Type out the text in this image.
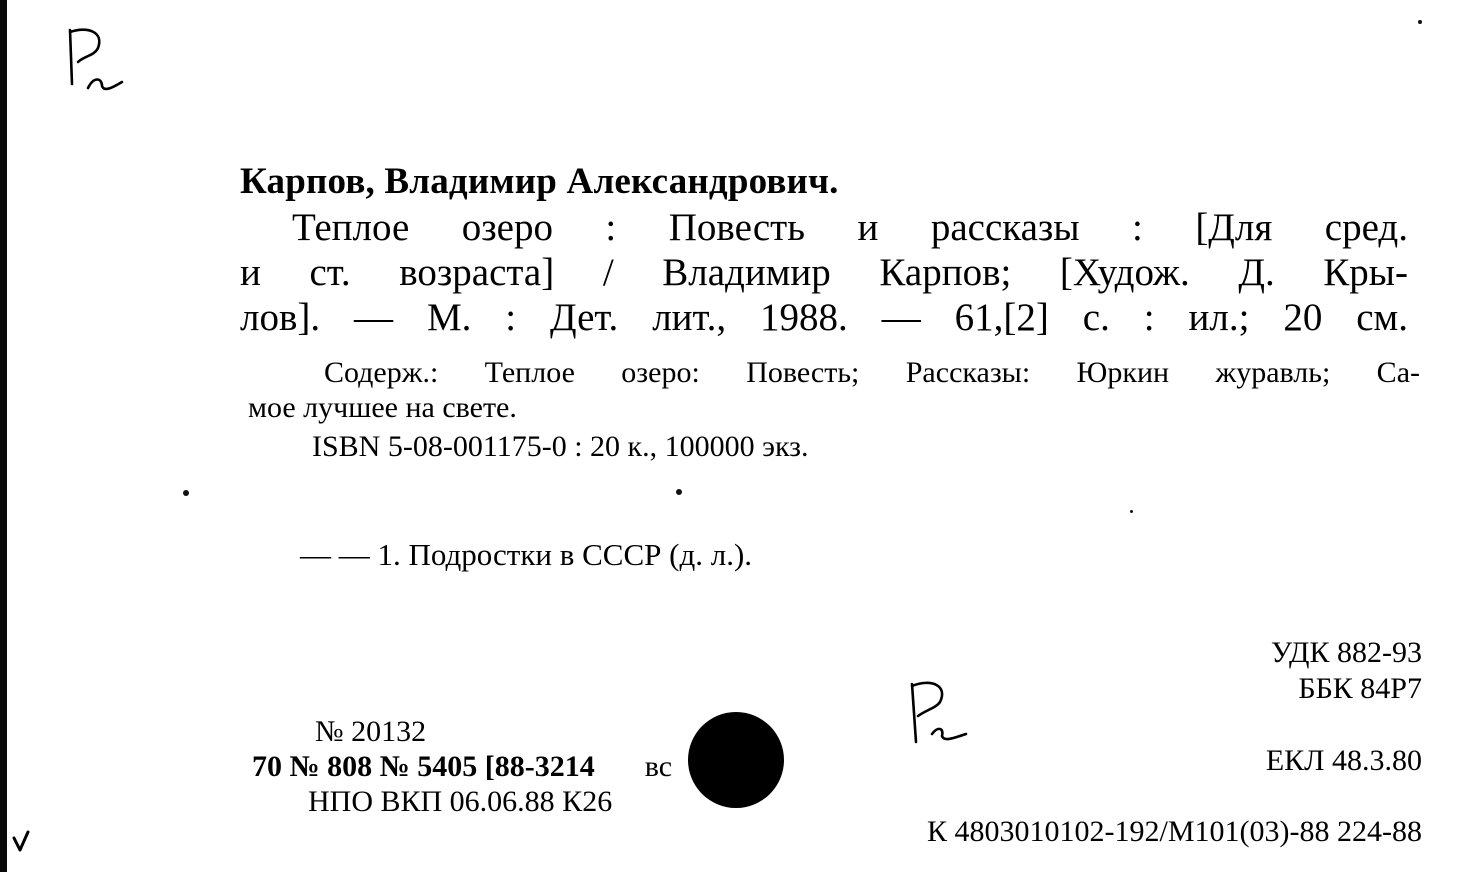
Карпов, Владимир Александрович.
Теплое озеро : Повесть и рассказы : [Для сред.
и ст. возраста] / Владимир Карпов; [Худож. Д. Кры-
лов]. — М. : Дет. лит., 1988. — 61,[2] с. : ил.; 20 см.
Содерж.: Теплое озеро: Повесть; Рассказы: Юркин журавль; Са-
мое лучшее на свете.
ISBN 5-08-001175-0 : 20 к., 100000 экз.
— — 1. Подростки в СССР (д. л.).
УДК 882-93
ББК 84Р7
ЕКЛ 48.3.80
№ 20132
70 № 808 № 5405 [88-3214 вс
НПО ВКП 06.06.88 К26
К 4803010102-192/М101(03)-88 224-88
